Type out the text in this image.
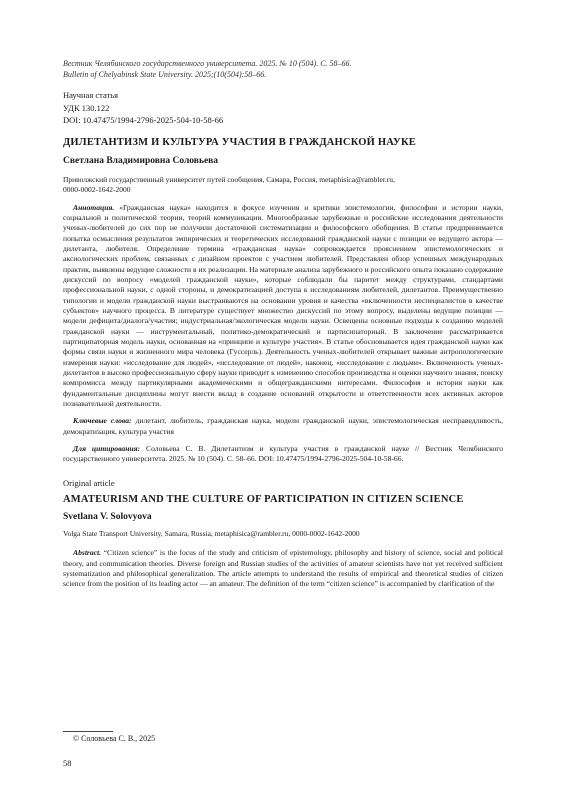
Вестник Челябинского государственного университета. 2025. № 10 (504). С. 58–66.
Bulletin of Chelyabinsk State University. 2025;(10(504):58–66.
Научная статья
УДК 130.122
DOI: 10.47475/1994-2796-2025-504-10-58-66
ДИЛЕТАНТИЗМ И КУЛЬТУРА УЧАСТИЯ В ГРАЖДАНСКОЙ НАУКЕ
Светлана Владимировна Соловьева
Приволжский государственный университет путей сообщения, Самара, Россия, metaphisica@rambler.ru,
0000-0002-1642-2000
Аннотация. «Гражданская наука» находится в фокусе изучения и критики эпистемологии, философии и истории науки, социальной и политической теории, теорий коммуникации. Многообразные зарубежные и российские исследования деятельности ученых-любителей до сих пор не получили достаточной систематизации и философского обобщения. В статье предпринимается попытка осмысления результатов эмпирических и теоретических исследований гражданской науки с позиции ее ведущего актора — дилетанта, любителя. Определение термина «гражданская наука» сопровождается прояснением эпистемологических и аксиологических проблем, связанных с дизайном проектов с участием любителей. Представлен обзор успешных международных практик, выявлены ведущие сложности в их реализации. На материале анализа зарубежного и российского опыта показано содержание дискуссий по вопросу «моделей гражданской науки», которые соблюдали бы паритет между структурами, стандартами профессиональной науки, с одной стороны, и демократизацией доступа к исследованиям любителей, дилетантов. Преимущественно типологии и модели гражданской науки выстраиваются на основании уровня и качества «включенности неспециалистов в качестве субъектов» научного процесса. В литературе существует множество дискуссий по этому вопросу, выделены ведущие позиции — модели дефицита/диалога/участия; индустриальная/экологическая модели науки. Освещены основные подходы к созданию моделей гражданской науки — инструментальный, политико-демократический и партисипаторный. В заключение рассматривается партиципаторная модель науки, основанная на «принципе и культуре участия». В статье обосновывается идея гражданской науки как формы связи науки и жизненного мира человека (Гуссерль). Деятельность ученых-любителей открывает важные антропологические измерения науки: «исследование для людей», «исследование от людей», наконец, «исследование с людьми». Включенность ученых-дилетантов в высоко профессиональную сферу науки приводит к изменению способов производства и оценки научного знания, поиску компромисса между партикулярными академическими и общегражданскими интересами. Философия и история науки как фундаментальные дисциплины могут внести вклад в создание оснований открытости и ответственности всех активных акторов познавательной деятельности.
Ключевые слова: дилетант, любитель, гражданская наука, модели гражданской науки, эпистемологическая несправедливость, демократизация, культура участия
Для цитирования: Соловьева С. В. Дилетантизм и культура участия в гражданской науке // Вестник Челябинского государственного университета. 2025. № 10 (504). С. 58–66. DOI: 10.47475/1994-2796-2025-504-10-58-66.
Original article
AMATEURISM AND THE CULTURE OF PARTICIPATION IN CITIZEN SCIENCE
Svetlana V. Solovyova
Volga State Transport University, Samara, Russia, metaphisica@rambler.ru, 0000-0002-1642-2000
Abstract. “Citizen science” is the focus of the study and criticism of epistemology, philosophy and history of science, social and political theory, and communication theories. Diverse foreign and Russian studies of the activities of amateur scientists have not yet received sufficient systematization and philosophical generalization. The article attempts to understand the results of empirical and theoretical studies of citizen science from the position of its leading actor — an amateur. The definition of the term “citizen science” is accompanied by clarification of the
© Соловьева С. В., 2025
58
